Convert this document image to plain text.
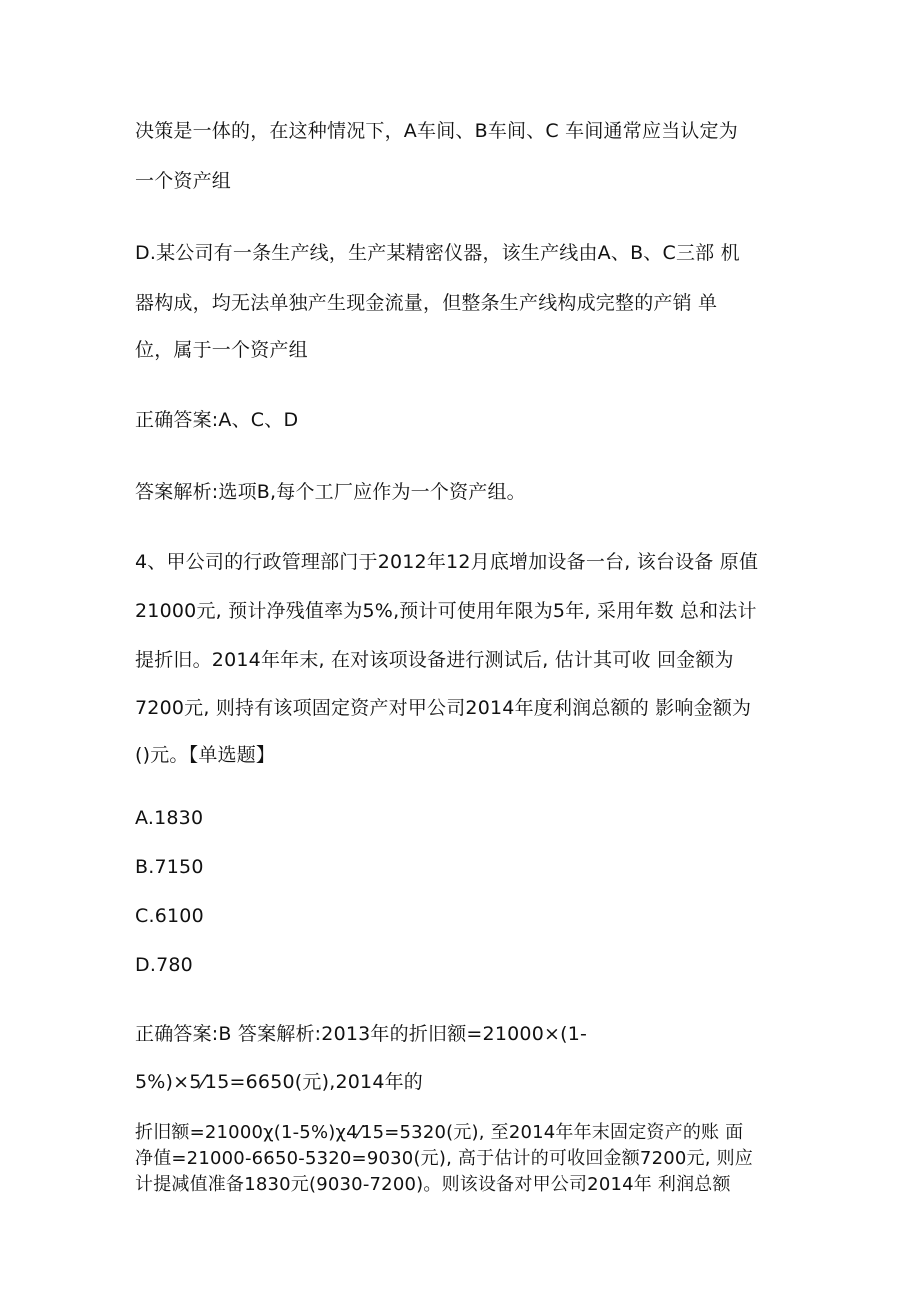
决策是一体的，在这种情况下，A车间、B车间、C 车间通常应当认定为
一个资产组
D.某公司有一条生产线，生产某精密仪器，该生产线由A、B、C三部 机
器构成，均无法单独产生现金流量，但整条生产线构成完整的产销 单
位，属于一个资产组
正确答案:A、C、D
答案解析:选项B,每个工厂应作为一个资产组。
4、甲公司的行政管理部门于2012年12月底增加设备一台, 该台设备 原值
21000元, 预计净残值率为5%,预计可使用年限为5年, 采用年数 总和法计
提折旧。2014年年末, 在对该项设备进行测试后, 估计其可收 回金额为
7200元, 则持有该项固定资产对甲公司2014年度利润总额的 影响金额为
()元。【单选题】
A.1830
B.7150
C.6100
D.780
正确答案:B 答案解析:2013年的折旧额=21000×(1-
5%)×5⁄15=6650(元),2014年的
折旧额=21000χ(1-5%)χ4⁄15=5320(元), 至2014年年末固定资产的账 面
净值=21000-6650-5320=9030(元), 高于估计的可收回金额7200元, 则应
计提减值准备1830元(9030-7200)。则该设备对甲公司2014年 利润总额
